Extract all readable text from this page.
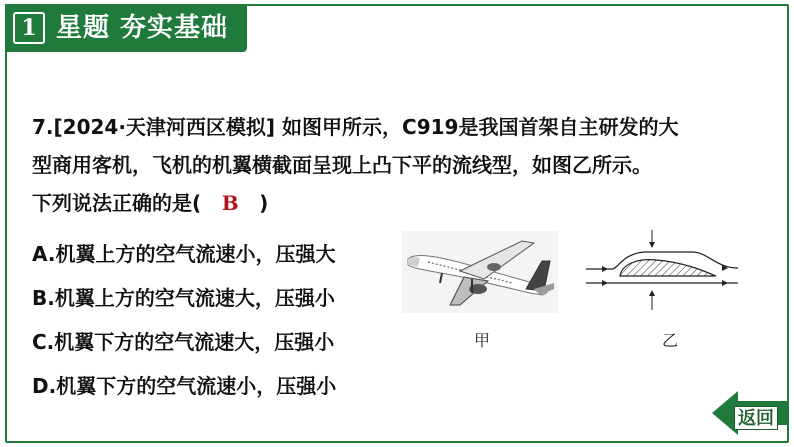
1 星题 夯实基础
7.[2024·天津河西区模拟] 如图甲所示，C919是我国首架自主研发的大
型商用客机，飞机的机翼横截面呈现上凸下平的流线型，如图乙所示。
下列说法正确的是( B )
A.机翼上方的空气流速小，压强大
B.机翼上方的空气流速大，压强小
C.机翼下方的空气流速大，压强小
D.机翼下方的空气流速小，压强小
甲	乙
返回
